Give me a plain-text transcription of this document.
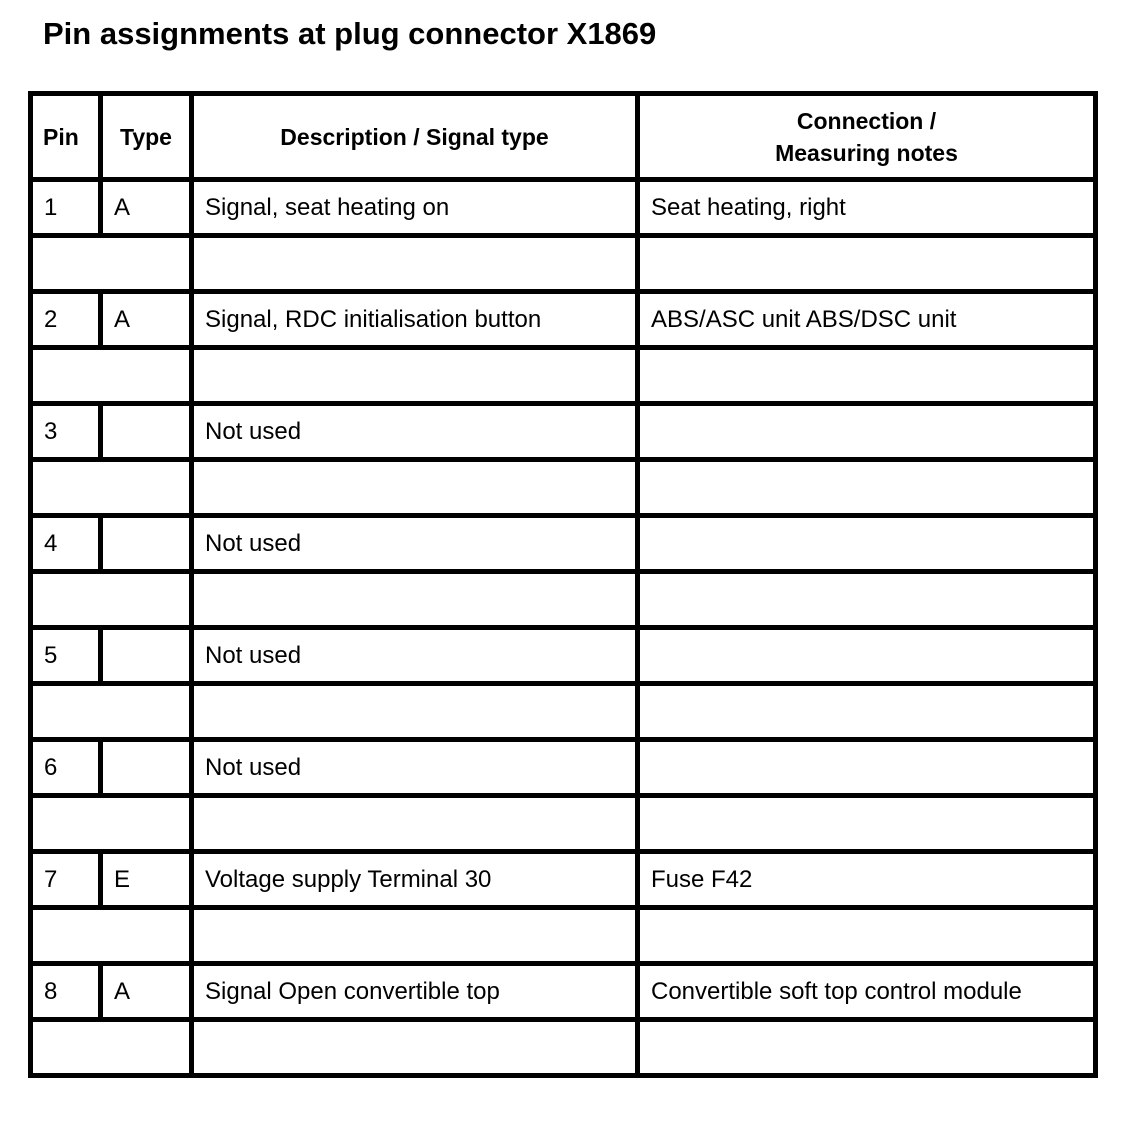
Pin assignments at plug connector X1869
Pin	Type	Description / Signal type	Connection /
Measuring notes

1	A	Signal, seat heating on	Seat heating, right

2	A	Signal, RDC initialisation button	ABS/ASC unit ABS/DSC unit

3		Not used	

4		Not used	

5		Not used	

6		Not used	

7	E	Voltage supply Terminal 30	Fuse F42

8	A	Signal Open convertible top	Convertible soft top control module
